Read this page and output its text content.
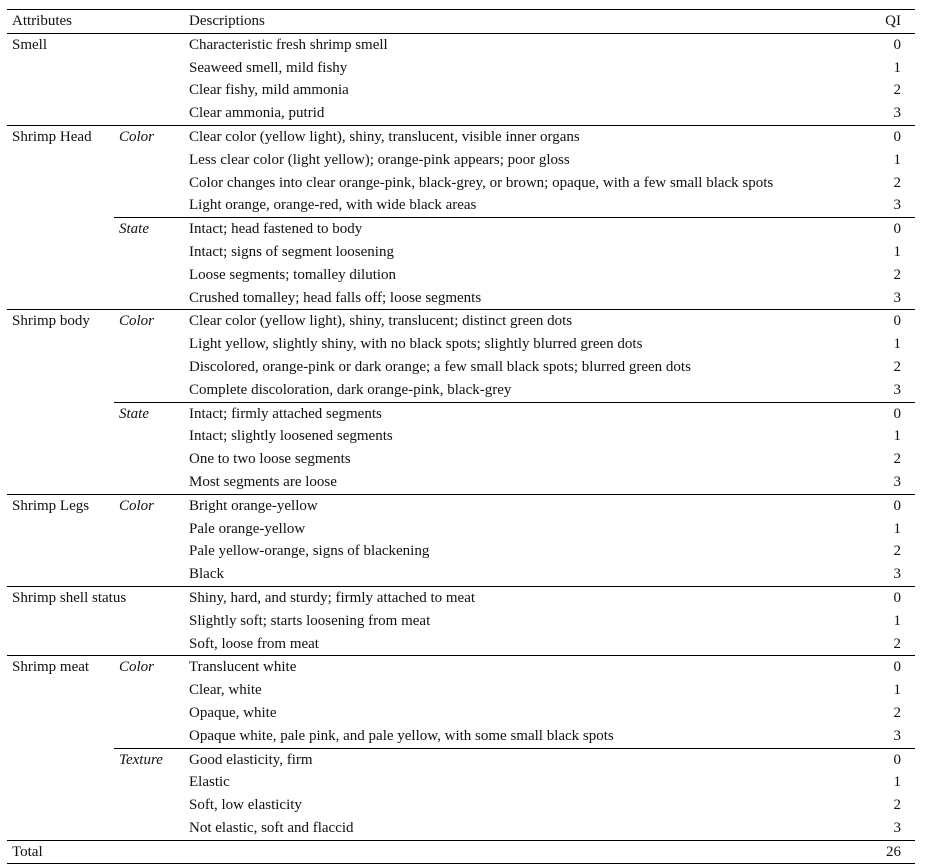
Attributes		Descriptions	QI
Smell		Characteristic fresh shrimp smell	0
		Seaweed smell, mild fishy	1
		Clear fishy, mild ammonia	2
		Clear ammonia, putrid	3
Shrimp Head	Color	Clear color (yellow light), shiny, translucent, visible inner organs	0
		Less clear color (light yellow); orange-pink appears; poor gloss	1
		Color changes into clear orange-pink, black-grey, or brown; opaque, with a few small black spots	2
		Light orange, orange-red, with wide black areas	3
	State	Intact; head fastened to body	0
		Intact; signs of segment loosening	1
		Loose segments; tomalley dilution	2
		Crushed tomalley; head falls off; loose segments	3
Shrimp body	Color	Clear color (yellow light), shiny, translucent; distinct green dots	0
		Light yellow, slightly shiny, with no black spots; slightly blurred green dots	1
		Discolored, orange-pink or dark orange; a few small black spots; blurred green dots	2
		Complete discoloration, dark orange-pink, black-grey	3
	State	Intact; firmly attached segments	0
		Intact; slightly loosened segments	1
		One to two loose segments	2
		Most segments are loose	3
Shrimp Legs	Color	Bright orange-yellow	0
		Pale orange-yellow	1
		Pale yellow-orange, signs of blackening	2
		Black	3
Shrimp shell status		Shiny, hard, and sturdy; firmly attached to meat	0
		Slightly soft; starts loosening from meat	1
		Soft, loose from meat	2
Shrimp meat	Color	Translucent white	0
		Clear, white	1
		Opaque, white	2
		Opaque white, pale pink, and pale yellow, with some small black spots	3
	Texture	Good elasticity, firm	0
		Elastic	1
		Soft, low elasticity	2
		Not elastic, soft and flaccid	3
Total			26
